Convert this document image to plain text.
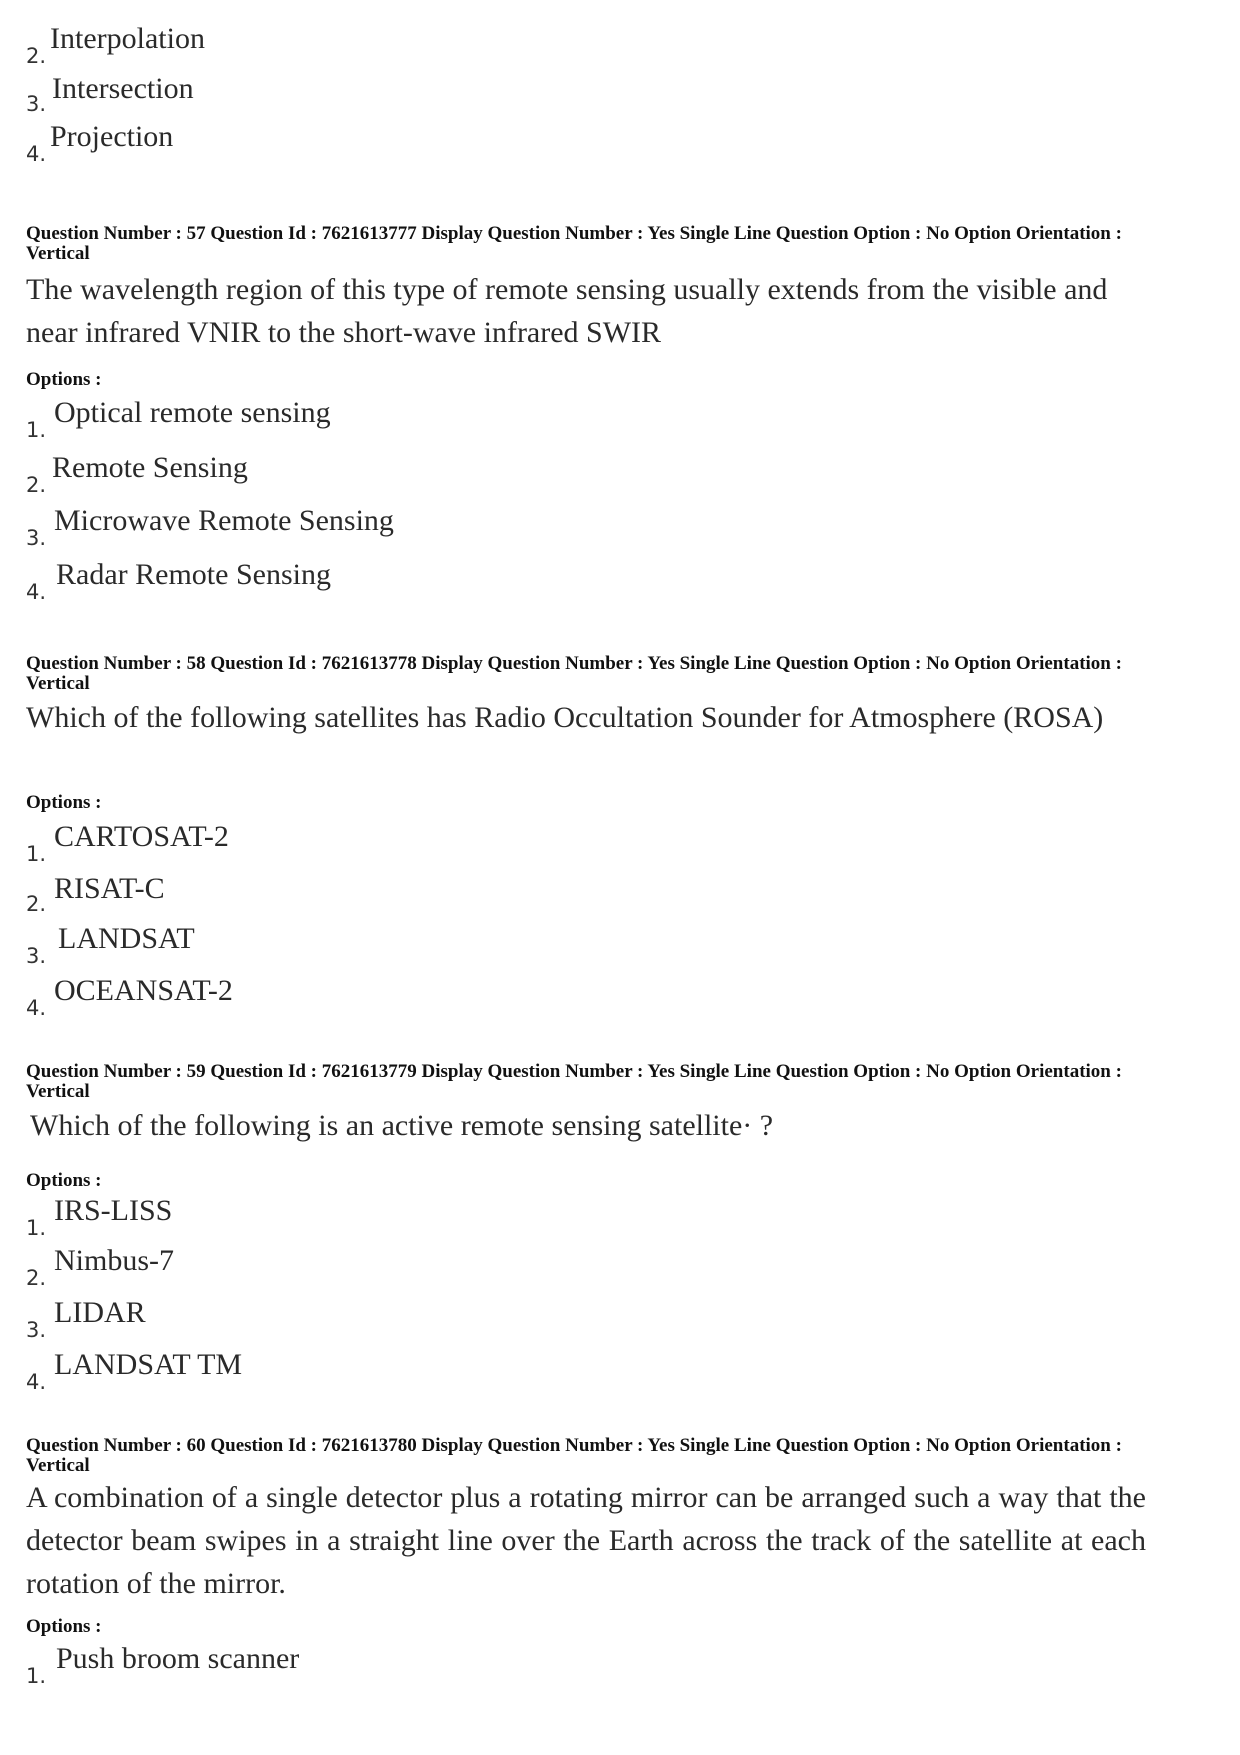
2.
Interpolation
3. Intersection
4.
Projection
Question Number : 57 Question Id : 7621613777 Display Question Number : Yes Single Line Question Option : No Option Orientation : Vertical
The wavelength region of this type of remote sensing usually extends from the visible and near infrared VNIR to the short-wave infrared SWIR
Options :
1.
Optical remote sensing
2.
Remote Sensing
3.
Microwave Remote Sensing
4.
Radar Remote Sensing
Question Number : 58 Question Id : 7621613778 Display Question Number : Yes Single Line Question Option : No Option Orientation : Vertical
Which of the following satellites has Radio Occultation Sounder for Atmosphere (ROSA)
Options :
1.
CARTOSAT-2
2. RISAT-C
3.
LANDSAT
4.
OCEANSAT-2
Question Number : 59 Question Id : 7621613779 Display Question Number : Yes Single Line Question Option : No Option Orientation : Vertical
Which of the following is an active remote sensing satellite· ?
Options :
1.
IRS-LISS
2.
Nimbus-7
3.
LIDAR
4.
LANDSAT TM
Question Number : 60 Question Id : 7621613780 Display Question Number : Yes Single Line Question Option : No Option Orientation : Vertical
A combination of a single detector plus a rotating mirror can be arranged such a way that the detector beam swipes in a straight line over the Earth across the track of the satellite at each rotation of the mirror.
Options :
1.
Push broom scanner
